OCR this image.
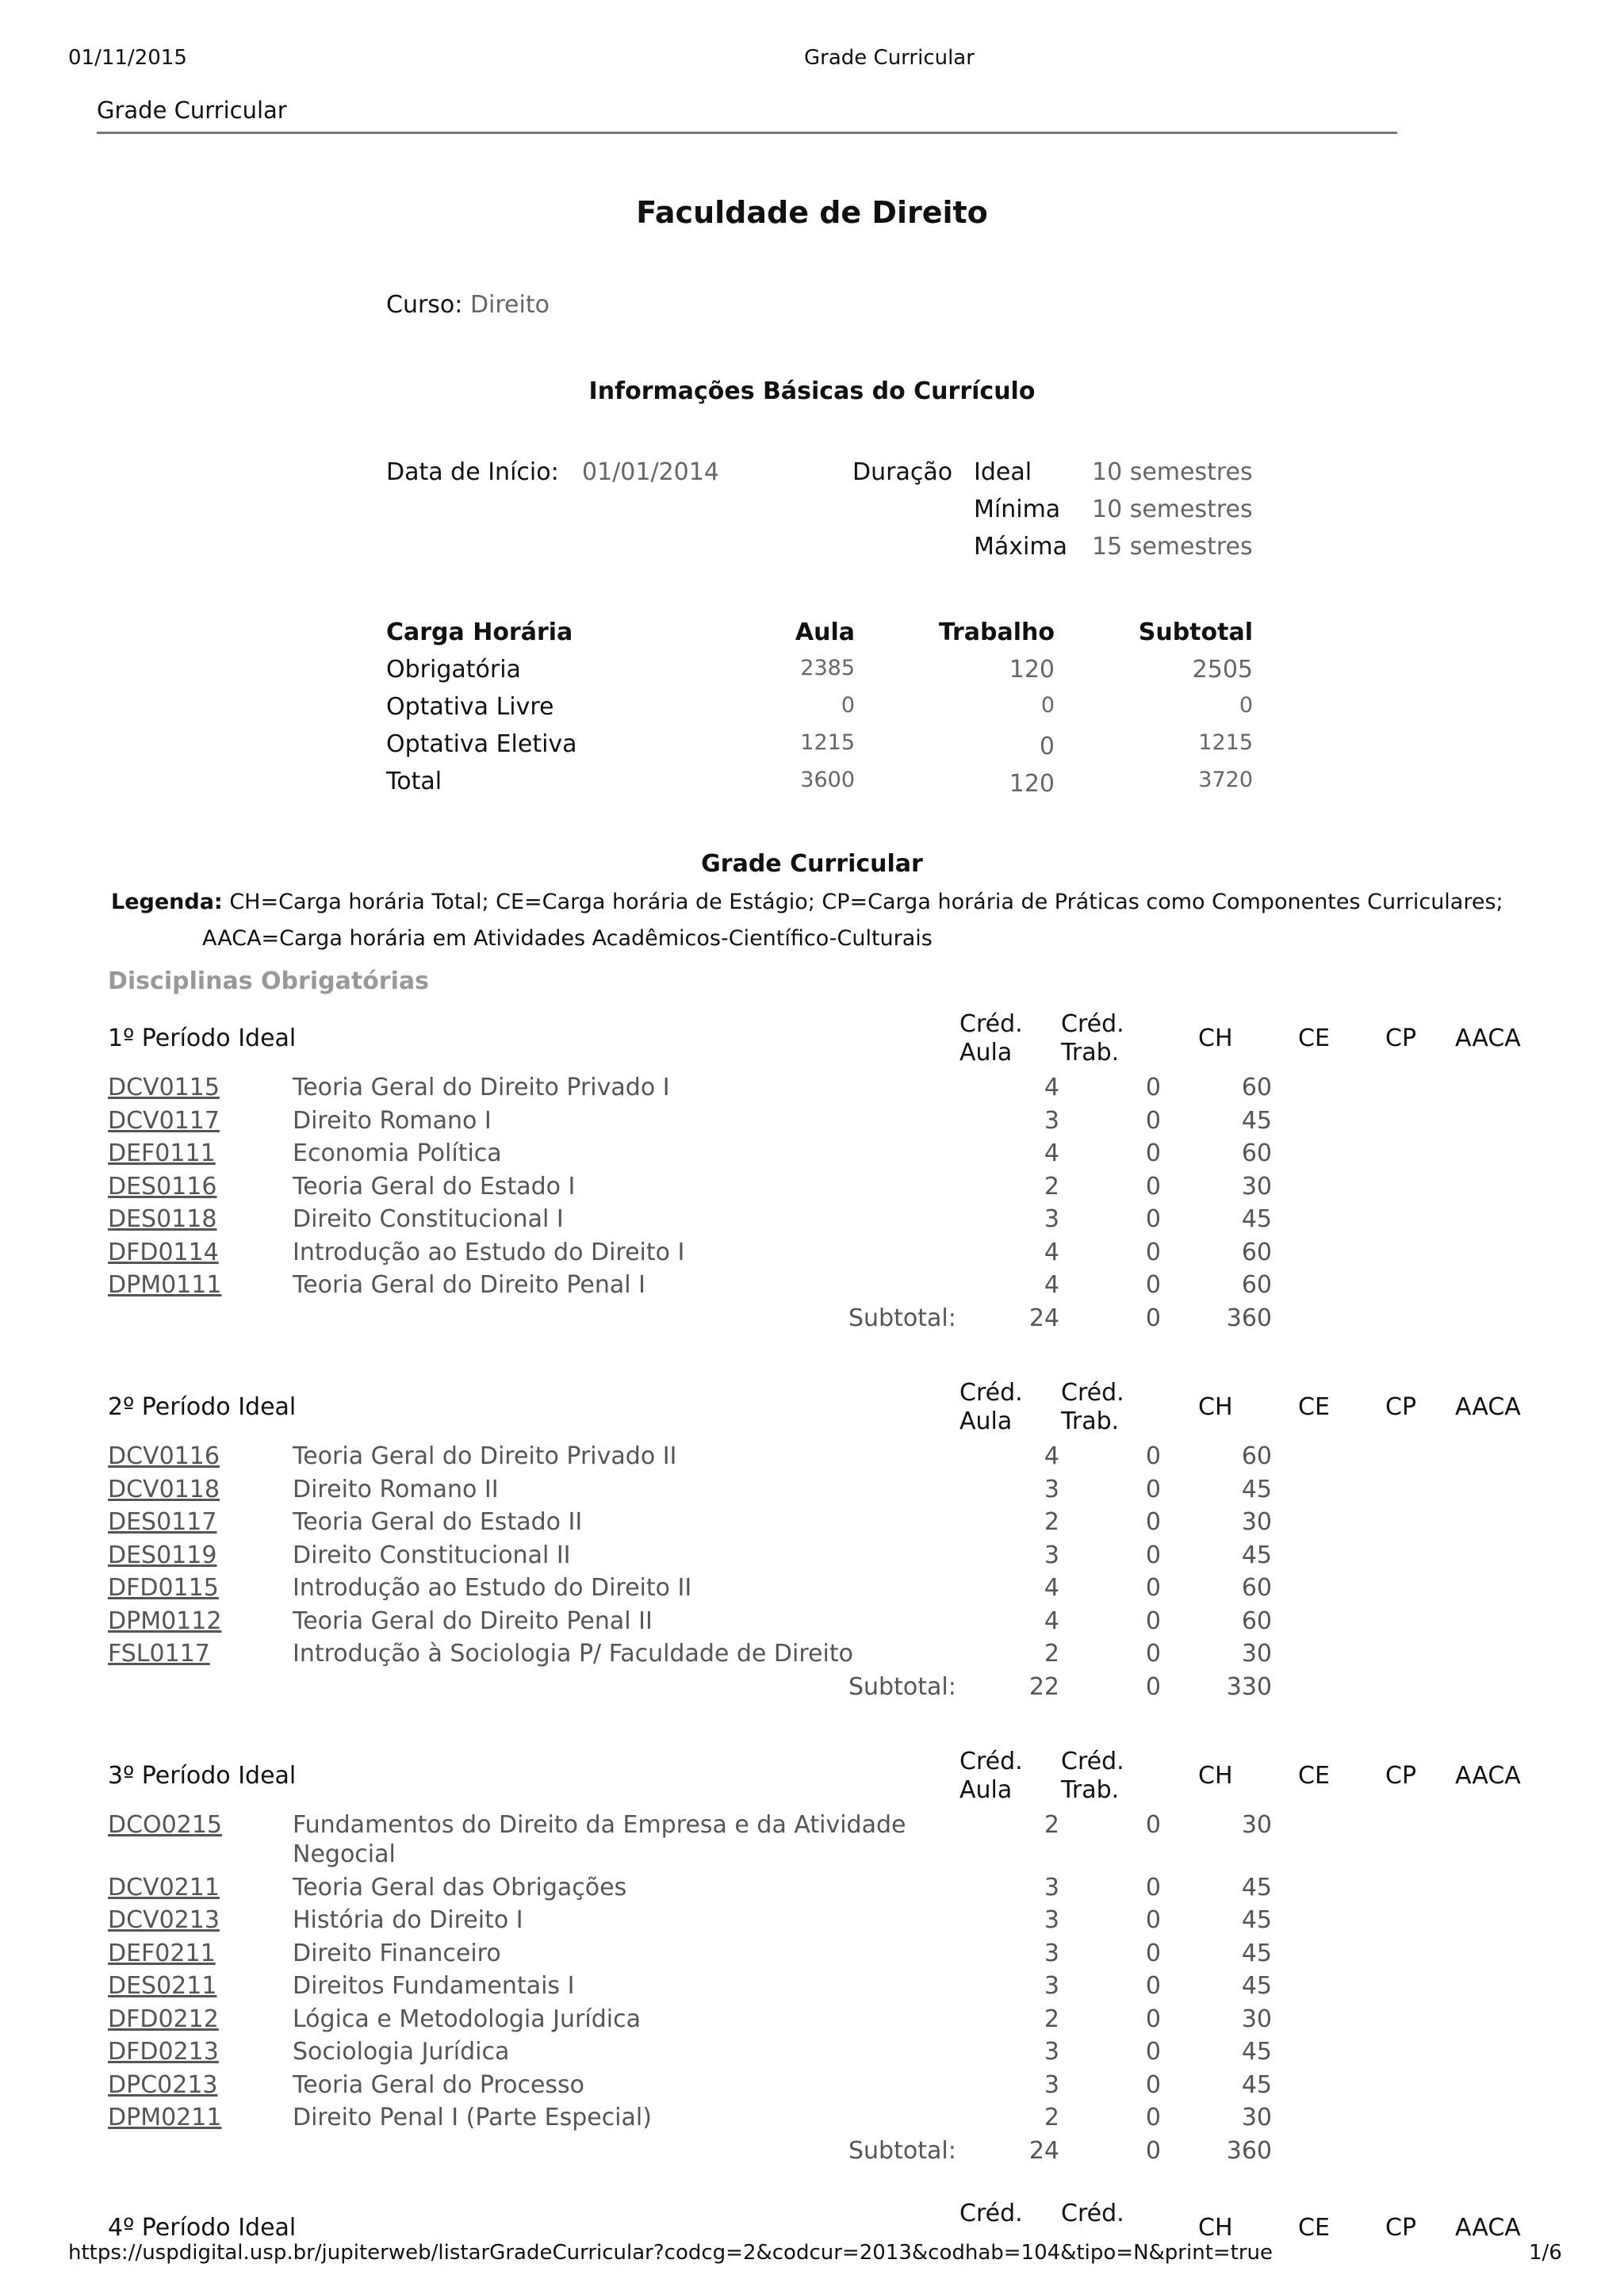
01/11/2015	Grade Curricular
Grade Curricular
Faculdade de Direito
Curso: Direito
Informações Básicas do Currículo
Data de Início: 01/01/2014	Duração Ideal	10 semestres
Mínima 10 semestres
Máxima 15 semestres
Carga Horária	Aula	Trabalho	Subtotal
Obrigatória	2385	120	2505
Optativa Livre	0	0	0
Optativa Eletiva	1215	0	1215
Total	3600	120	3720
Grade Curricular
Legenda: CH=Carga horária Total; CE=Carga horária de Estágio; CP=Carga horária de Práticas como Componentes Curriculares;
AACA=Carga horária em Atividades Acadêmicos-Científico-Culturais
Disciplinas Obrigatórias
1º Período Ideal
Créd.
Aula
Créd.
Trab.
CH	CE CP AACA
DCV0115	Teoria Geral do Direito Privado I	4	0	60
DCV0117	Direito Romano I	3	0	45
DEF0111	Economia Política	4	0	60
DES0116	Teoria Geral do Estado I	2	0	30
DES0118	Direito Constitucional I	3	0	45
DFD0114	Introdução ao Estudo do Direito I	4	0	60
DPM0111	Teoria Geral do Direito Penal I	4	0	60
Subtotal:	24	0	360
2º Período Ideal
Créd.
Aula
Créd.
Trab.
CH	CE CP AACA
DCV0116	Teoria Geral do Direito Privado II	4	0	60
DCV0118	Direito Romano II	3	0	45
DES0117	Teoria Geral do Estado II	2	0	30
DES0119	Direito Constitucional II	3	0	45
DFD0115	Introdução ao Estudo do Direito II	4	0	60
DPM0112	Teoria Geral do Direito Penal II	4	0	60
FSL0117	Introdução à Sociologia P/ Faculdade de Direito	2	0	30
Subtotal:	22	0	330
3º Período Ideal
Créd.
Aula
Créd.
Trab.
CH	CE CP AACA
DCO0215	Fundamentos do Direito da Empresa e da Atividade	2	0	30
Negocial
DCV0211	Teoria Geral das Obrigações	3	0	45
DCV0213	História do Direito I	3	0	45
DEF0211	Direito Financeiro	3	0	45
DES0211	Direitos Fundamentais I	3	0	45
DFD0212	Lógica e Metodologia Jurídica	2	0	30
DFD0213	Sociologia Jurídica	3	0	45
DPC0213	Teoria Geral do Processo	3	0	45
DPM0211	Direito Penal I (Parte Especial)	2	0	30
Subtotal:	24	0	360
4º Período Ideal
Créd. Créd.
CH	CE CP AACA
https://uspdigital.usp.br/jupiterweb/listarGradeCurricular?codcg=2&codcur=2013&codhab=104&tipo=N&print=true	1/6
